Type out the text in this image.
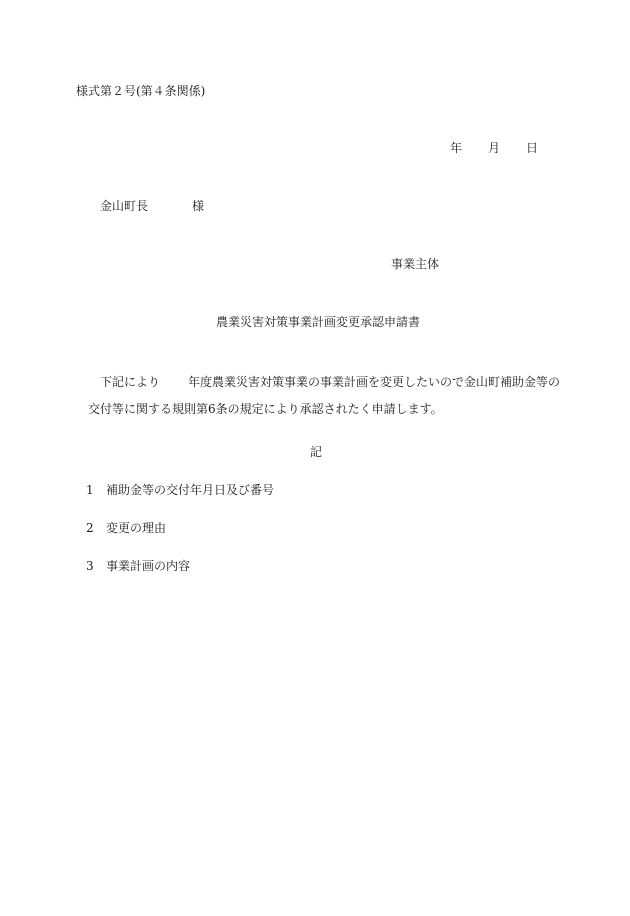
様式第２号(第４条関係)
年 月 日
金山町長	様
事業主体
農業災害対策事業計画変更承認申請書
下記により 年度農業災害対策事業の事業計画を変更したいので金山町補助金等の
交付等に関する規則第6条の規定により承認されたく申請します。
記
1 補助金等の交付年月日及び番号
2 変更の理由
3 事業計画の内容
